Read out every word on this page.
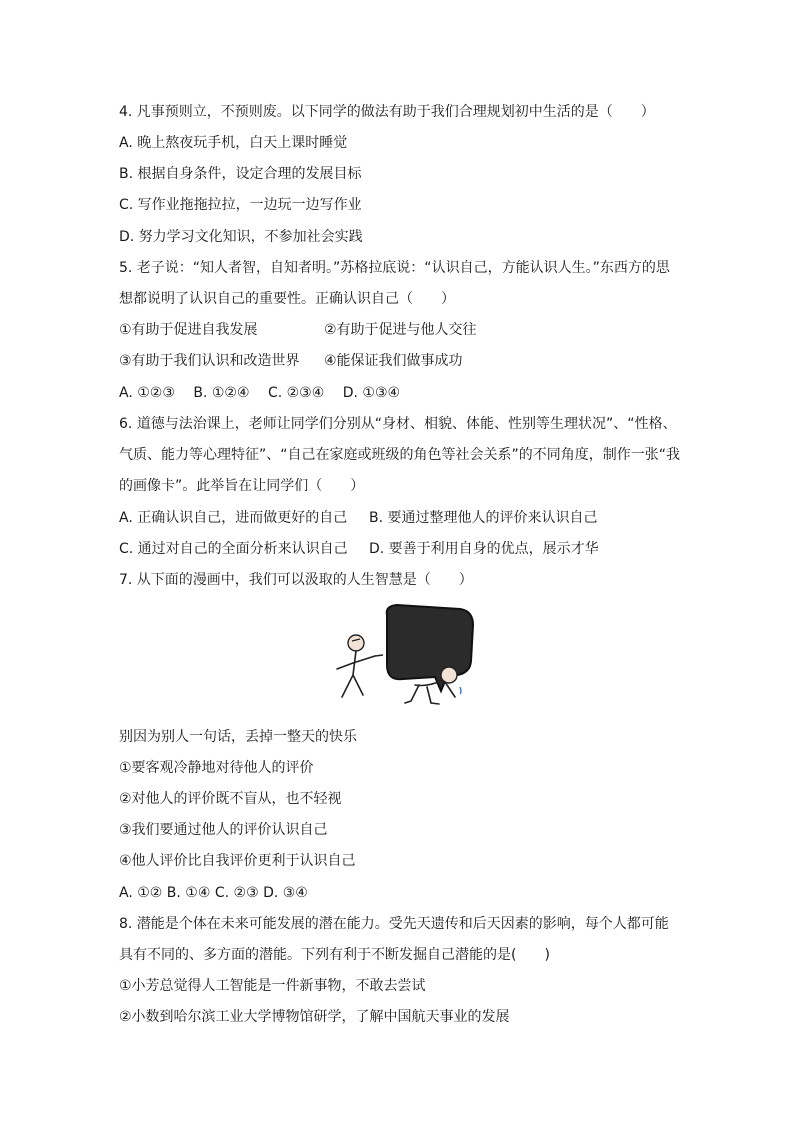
4. 凡事预则立，不预则废。以下同学的做法有助于我们合理规划初中生活的是（　　）
A. 晚上熬夜玩手机，白天上课时睡觉
B. 根据自身条件，设定合理的发展目标
C. 写作业拖拖拉拉，一边玩一边写作业
D. 努力学习文化知识，不参加社会实践
5. 老子说：“知人者智，自知者明。”苏格拉底说：“认识自己，方能认识人生。”东西方的思
想都说明了认识自己的重要性。正确认识自己（　　）
①有助于促进自我发展	②有助于促进与他人交往
③有助于我们认识和改造世界 ④能保证我们做事成功
A. ①②③　 B. ①②④　 C. ②③④　 D. ①③④
6. 道德与法治课上，老师让同学们分别从“身材、相貌、体能、性别等生理状况”、“性格、
气质、能力等心理特征”、“自己在家庭或班级的角色等社会关系”的不同角度，制作一张“我
的画像卡”。此举旨在让同学们（　　）
A. 正确认识自己，进而做更好的自己 B. 要通过整理他人的评价来认识自己
C. 通过对自己的全面分析来认识自己 D. 要善于利用自身的优点，展示才华
7. 从下面的漫画中，我们可以汲取的人生智慧是（　　）
别因为别人一句话，丢掉一整天的快乐
①要客观冷静地对待他人的评价
②对他人的评价既不盲从，也不轻视
③我们要通过他人的评价认识自己
④他人评价比自我评价更利于认识自己
A. ①② B. ①④ C. ②③ D. ③④
8. 潜能是个体在未来可能发展的潜在能力。受先天遗传和后天因素的影响，每个人都可能
具有不同的、多方面的潜能。下列有利于不断发掘自己潜能的是(　　)
①小芳总觉得人工智能是一件新事物，不敢去尝试
②小数到哈尔滨工业大学博物馆研学，了解中国航天事业的发展
